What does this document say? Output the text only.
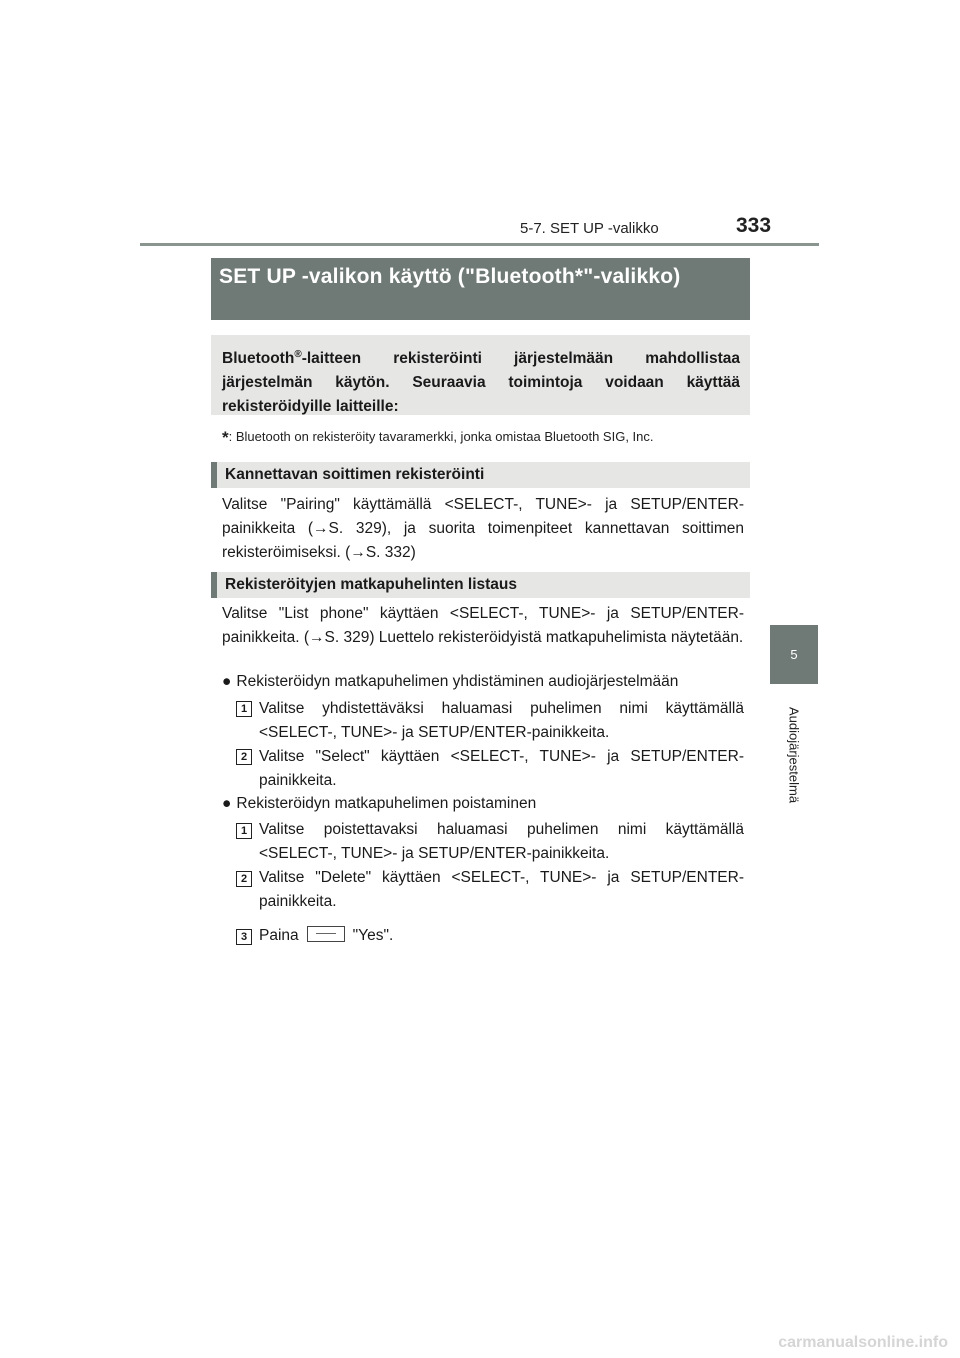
5-7. SET UP -valikko	333
5
Audiojärjestelmä
SET UP -valikon käyttö ("Bluetooth*"-valikko)
Bluetooth®-laitteen rekisteröinti järjestelmään mahdollistaa järjestelmän käytön. Seuraavia toimintoja voidaan käyttää rekisteröidyille laitteille:
*: Bluetooth on rekisteröity tavaramerkki, jonka omistaa Bluetooth SIG, Inc.
Kannettavan soittimen rekisteröinti
Valitse "Pairing" käyttämällä <SELECT-, TUNE>- ja SETUP/ENTER-painikkeita (→S. 329), ja suorita toimenpiteet kannettavan soittimen rekisteröimiseksi. (→S. 332)
Rekisteröityjen matkapuhelinten listaus
Valitse "List phone" käyttäen <SELECT-, TUNE>- ja SETUP/ENTER-painikkeita. (→S. 329) Luettelo rekisteröidyistä matkapuhelimista näytetään.
● Rekisteröidyn matkapuhelimen yhdistäminen audiojärjestelmään
1 Valitse yhdistettäväksi haluamasi puhelimen nimi käyttämällä <SELECT-, TUNE>- ja SETUP/ENTER-painikkeita.
2 Valitse "Select" käyttäen <SELECT-, TUNE>- ja SETUP/ENTER-painikkeita.
● Rekisteröidyn matkapuhelimen poistaminen
1 Valitse poistettavaksi haluamasi puhelimen nimi käyttämällä <SELECT-, TUNE>- ja SETUP/ENTER-painikkeita.
2 Valitse "Delete" käyttäen <SELECT-, TUNE>- ja SETUP/ENTER-painikkeita.
3 Paina	"Yes".
carmanualsonline.info
